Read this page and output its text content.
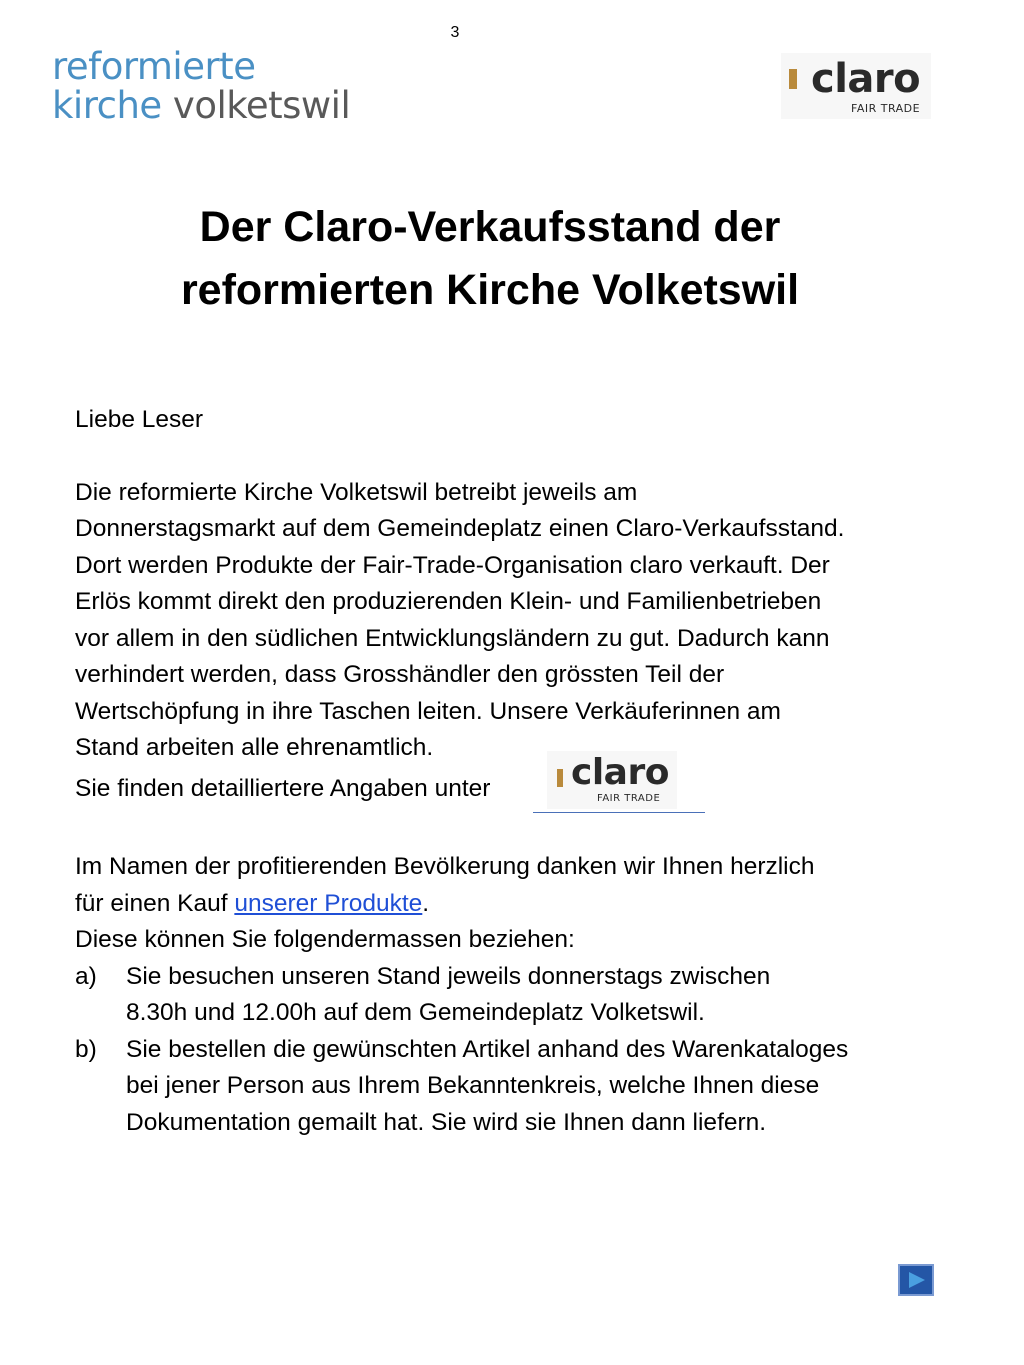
3
reformierte
kirche volketswil
claro
FAIR TRADE
Der Claro-Verkaufsstand der
reformierten Kirche Volketswil

Liebe Leser

Die reformierte Kirche Volketswil betreibt jeweils am

Donnerstagsmarkt auf dem Gemeindeplatz einen Claro-Verkaufsstand.

Dort werden Produkte der Fair-Trade-Organisation claro verkauft. Der

Erlös kommt direkt den produzierenden Klein- und Familienbetrieben

vor allem in den südlichen Entwicklungsländern zu gut. Dadurch kann

verhindert werden, dass Grosshändler den grössten Teil der

Wertschöpfung in ihre Taschen leiten. Unsere Verkäuferinnen am

Stand arbeiten alle ehrenamtlich.

Sie finden detailliertere Angaben unter claro
FAIR TRADE

Im Namen der profitierenden Bevölkerung danken wir Ihnen herzlich

für einen Kauf unserer Produkte.

Diese können Sie folgendermassen beziehen:

a) Sie besuchen unseren Stand jeweils donnerstags zwischen
8.30h und 12.00h auf dem Gemeindeplatz Volketswil.
b) Sie bestellen die gewünschten Artikel anhand des Warenkataloges
bei jener Person aus Ihrem Bekanntenkreis, welche Ihnen diese
Dokumentation gemailt hat. Sie wird sie Ihnen dann liefern.
